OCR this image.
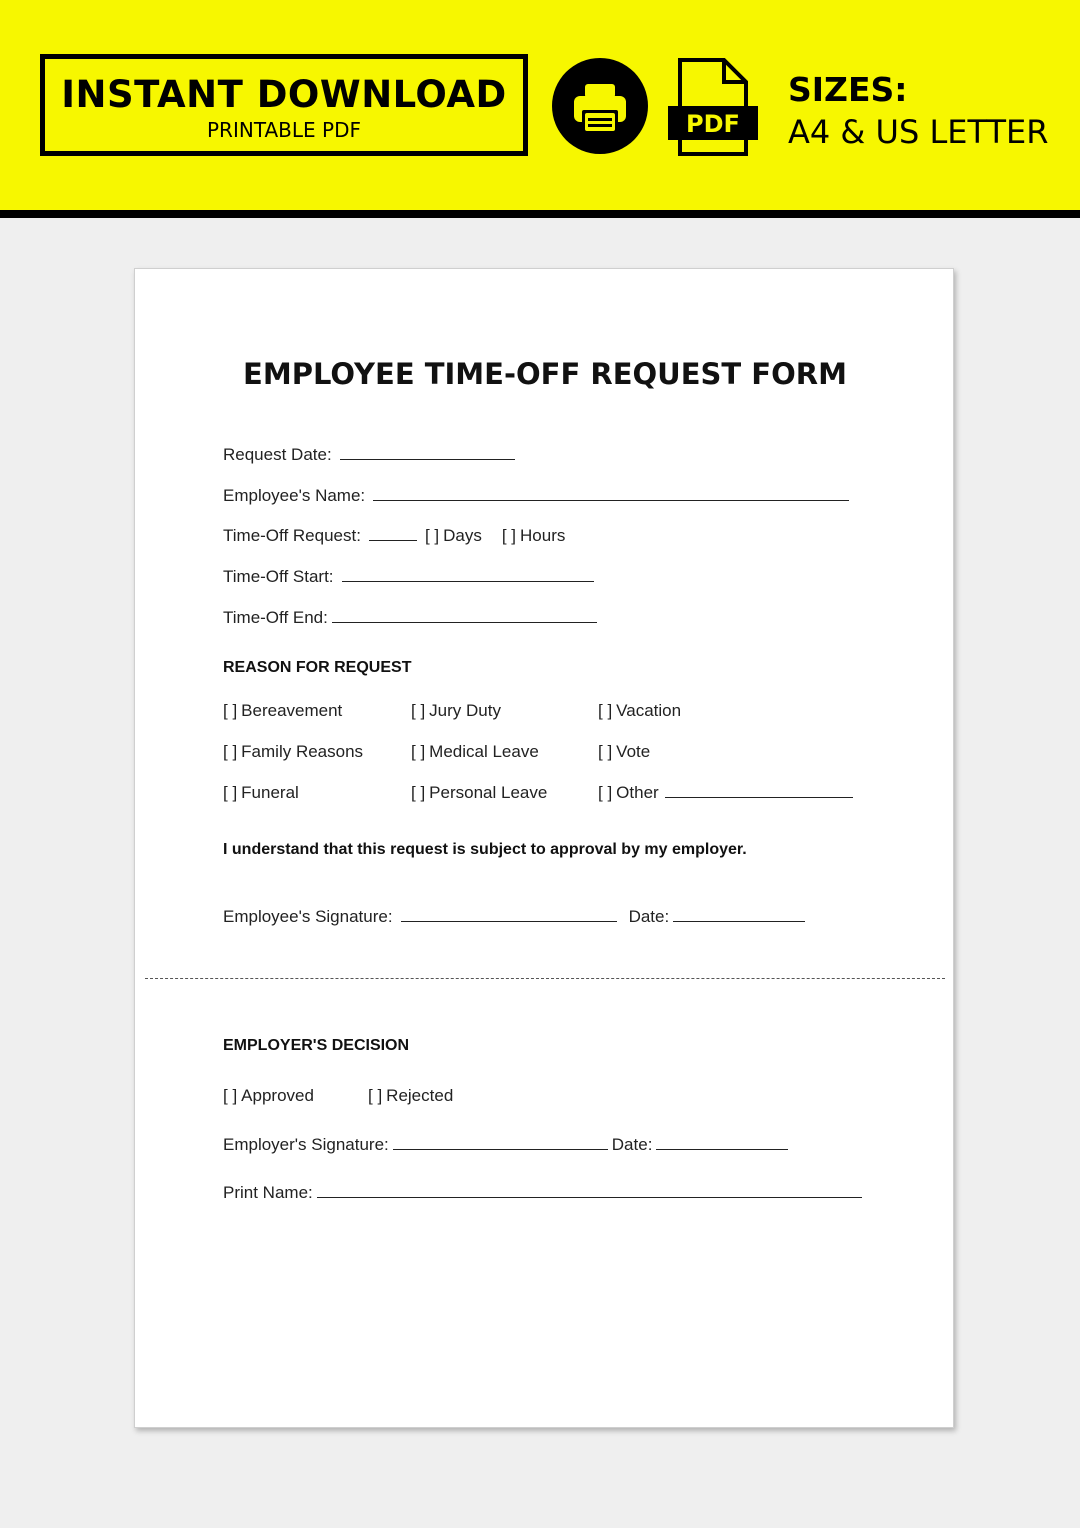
INSTANT DOWNLOAD
PRINTABLE PDF	PDF
SIZES:
A4 & US LETTER
EMPLOYEE TIME-OFF REQUEST FORM
Request Date:
Employee's Name:
Time-Off Request:	[ ] Days [ ] Hours
Time-Off Start:
Time-Off End:
REASON FOR REQUEST
[ ] Bereavement	[ ] Jury Duty	[ ] Vacation
[ ] Family Reasons	[ ] Medical Leave	[ ] Vote
[ ] Funeral	[ ] Personal Leave	[ ] Other
I understand that this request is subject to approval by my employer.
Employee's Signature:	Date:
EMPLOYER'S DECISION
[ ] Approved	[ ] Rejected
Employer's Signature:	Date:
Print Name:
